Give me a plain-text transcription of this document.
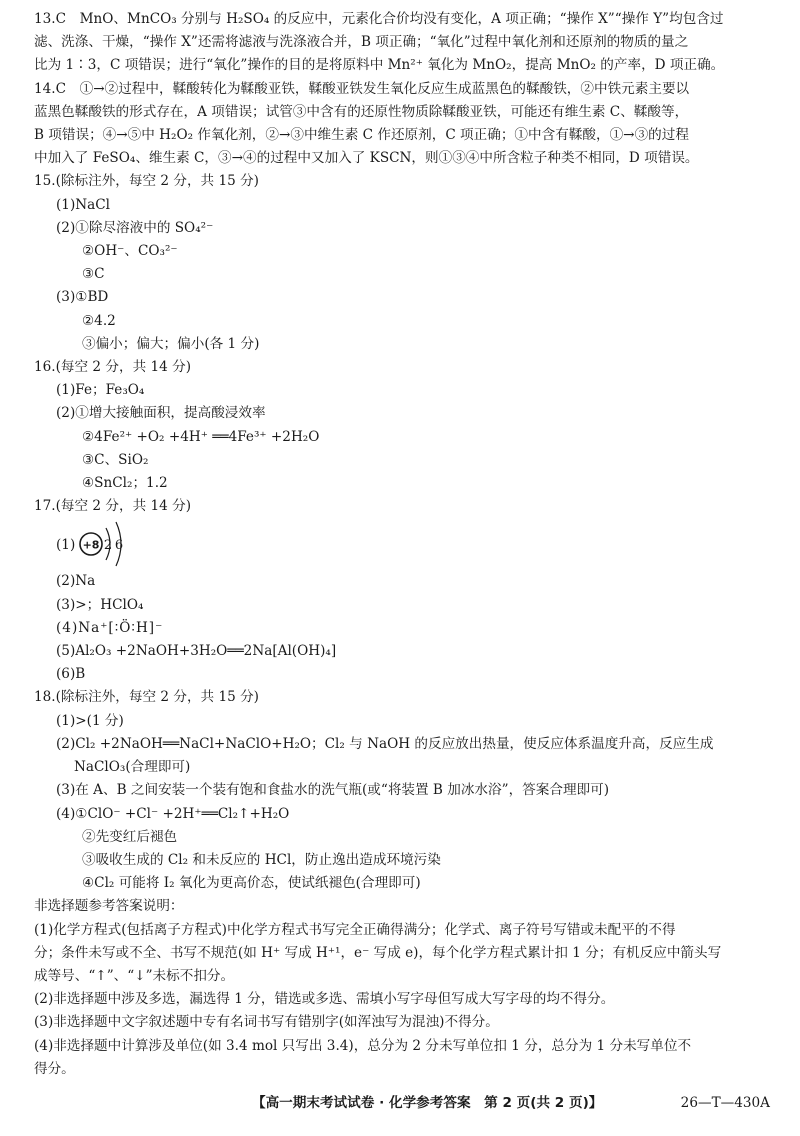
13.C　MnO、MnCO₃ 分别与 H₂SO₄ 的反应中，元素化合价均没有变化，A 项正确；“操作 X”“操作 Y”均包含过

滤、洗涤、干燥，“操作 X”还需将滤液与洗涤液合并，B 项正确；“氧化”过程中氧化剂和还原剂的物质的量之

比为 1∶3，C 项错误；进行“氧化”操作的目的是将原料中 Mn²⁺ 氧化为 MnO₂，提高 MnO₂ 的产率，D 项正确。

14.C　①→②过程中，鞣酸转化为鞣酸亚铁，鞣酸亚铁发生氧化反应生成蓝黑色的鞣酸铁，②中铁元素主要以

蓝黑色鞣酸铁的形式存在，A 项错误；试管③中含有的还原性物质除鞣酸亚铁，可能还有维生素 C、鞣酸等，

B 项错误；④→⑤中 H₂O₂ 作氧化剂，②→③中维生素 C 作还原剂，C 项正确；①中含有鞣酸，①→③的过程

中加入了 FeSO₄、维生素 C，③→④的过程中又加入了 KSCN，则①③④中所含粒子种类不相同，D 项错误。

15.(除标注外，每空 2 分，共 15 分)

(1)NaCl

(2)①除尽溶液中的 SO₄²⁻

②OH⁻、CO₃²⁻

③C

(3)①BD

②4.2

③偏小；偏大；偏小(各 1 分)

16.(每空 2 分，共 14 分)

(1)Fe；Fe₃O₄

(2)①增大接触面积，提高酸浸效率

②4Fe²⁺ +O₂ +4H⁺ ══4Fe³⁺ +2H₂O

③C、SiO₂

④SnCl₂；1.2

17.(每空 2 分，共 14 分)

(1) +8 2 6

(2)Na

(3)>；HClO₄

(4)Na⁺[∶Ö∶H]⁻

(5)Al₂O₃ +2NaOH+3H₂O══2Na[Al(OH)₄]

(6)B

18.(除标注外，每空 2 分，共 15 分)

(1)>(1 分)

(2)Cl₂ +2NaOH══NaCl+NaClO+H₂O；Cl₂ 与 NaOH 的反应放出热量，使反应体系温度升高，反应生成

NaClO₃(合理即可)

(3)在 A、B 之间安装一个装有饱和食盐水的洗气瓶(或“将装置 B 加冰水浴”，答案合理即可)

(4)①ClO⁻ +Cl⁻ +2H⁺══Cl₂↑+H₂O

②先变红后褪色

③吸收生成的 Cl₂ 和未反应的 HCl，防止逸出造成环境污染

④Cl₂ 可能将 I₂ 氧化为更高价态，使试纸褪色(合理即可)

非选择题参考答案说明：

(1)化学方程式(包括离子方程式)中化学方程式书写完全正确得满分；化学式、离子符号写错或未配平的不得

分；条件未写或不全、书写不规范(如 H⁺ 写成 H⁺¹，e⁻ 写成 e)，每个化学方程式累计扣 1 分；有机反应中箭头写

成等号、“↑”、“↓”未标不扣分。

(2)非选择题中涉及多选，漏选得 1 分，错选或多选、需填小写字母但写成大写字母的均不得分。

(3)非选择题中文字叙述题中专有名词书写有错别字(如浑浊写为混浊)不得分。

(4)非选择题中计算涉及单位(如 3.4 mol 只写出 3.4)，总分为 2 分未写单位扣 1 分，总分为 1 分未写单位不

得分。

【高一期末考试试卷 · 化学参考答案　第 2 页(共 2 页)】	26—T—430A
